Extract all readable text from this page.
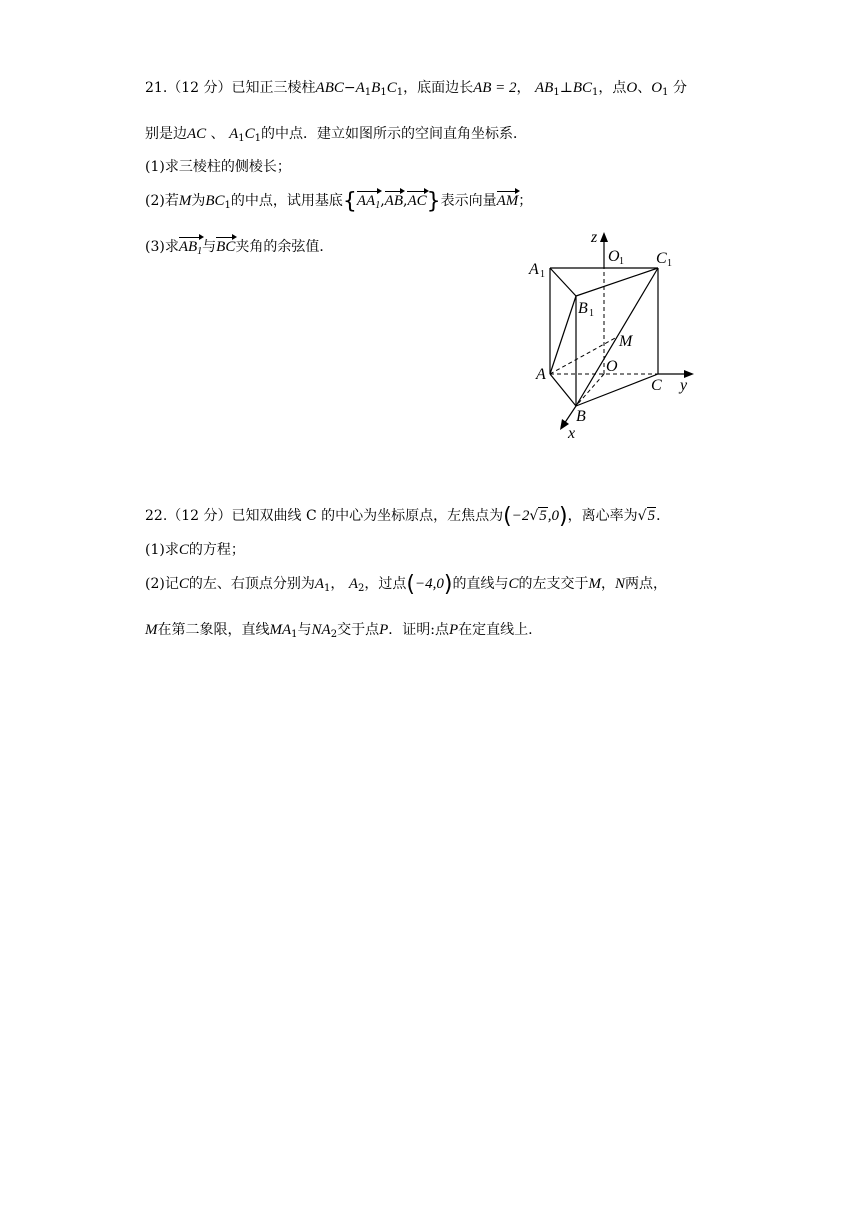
21.（12 分）已知正三棱柱$ABC-A_1B_1C_1$，底面边长AB = 2， $AB_1\perp BC_1$，点O、$O_1$ 分
别是边AC 、 $A_1C_1$的中点．建立如图所示的空间直角坐标系．
(1)求三棱柱的侧棱长；
(2)若M为$BC_1$的中点，试用基底$\{AA_1,AB,AC\}$表示向量AM；
(3)求$AB_1$与BC夹角的余弦值．
z
O 1 C 1
A 1
B 1
M
O
A
C y
B
x
22.（12 分）已知双曲线 C 的中心为坐标原点，左焦点为(−2√5,0)，离心率为√5．
(1)求C的方程；
(2)记C的左、右顶点分别为$A_1$， $A_2$，过点(−4,0)的直线与C的左支交于M，N两点，
M在第二象限，直线$MA_1$与$NA_2$交于点P．证明:点P在定直线上.
